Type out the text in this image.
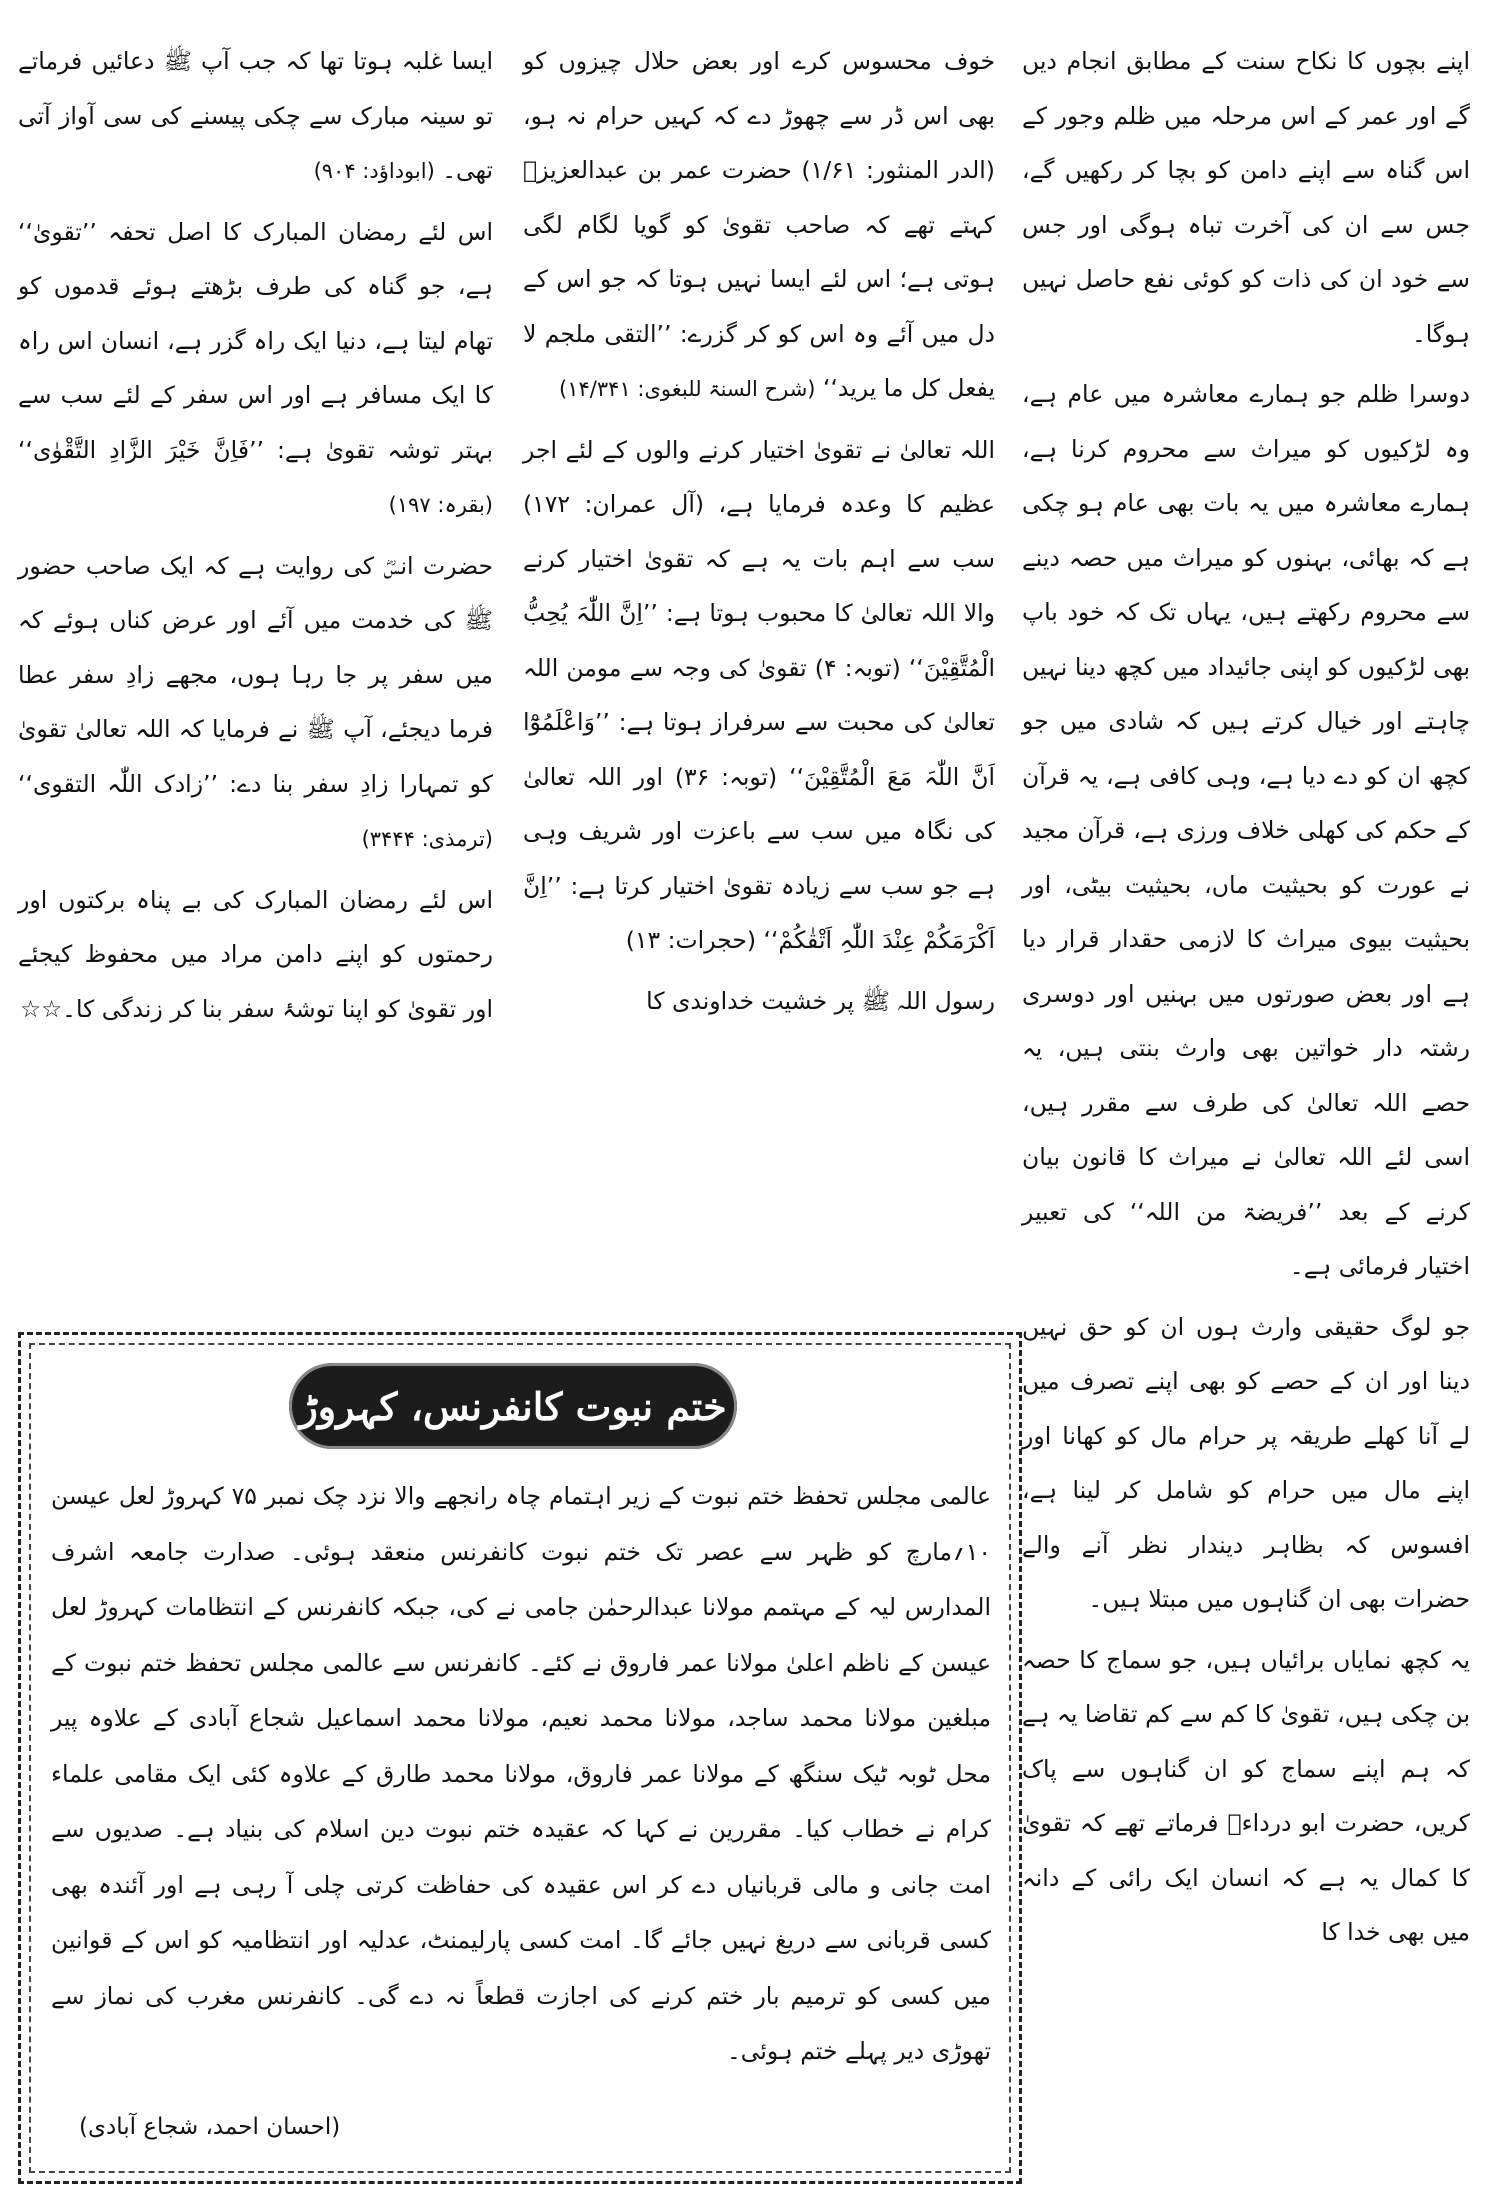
اپنے بچوں کا نکاح سنت کے مطابق انجام دیں گے اور عمر کے اس مرحلہ میں ظلم وجور کے اس گناہ سے اپنے دامن کو بچا کر رکھیں گے، جس سے ان کی آخرت تباہ ہوگی اور جس سے خود ان کی ذات کو کوئی نفع حاصل نہیں ہوگا۔

دوسرا ظلم جو ہمارے معاشرہ میں عام ہے، وہ لڑکیوں کو میراث سے محروم کرنا ہے، ہمارے معاشرہ میں یہ بات بھی عام ہو چکی ہے کہ بھائی، بہنوں کو میراث میں حصہ دینے سے محروم رکھتے ہیں، یہاں تک کہ خود باپ بھی لڑکیوں کو اپنی جائیداد میں کچھ دینا نہیں چاہتے اور خیال کرتے ہیں کہ شادی میں جو کچھ ان کو دے دیا ہے، وہی کافی ہے، یہ قرآن کے حکم کی کھلی خلاف ورزی ہے، قرآن مجید نے عورت کو بحیثیت ماں، بحیثیت بیٹی، اور بحیثیت بیوی میراث کا لازمی حقدار قرار دیا ہے اور بعض صورتوں میں بہنیں اور دوسری رشتہ دار خواتین بھی وارث بنتی ہیں، یہ حصے اللہ تعالیٰ کی طرف سے مقرر ہیں، اسی لئے اللہ تعالیٰ نے میراث کا قانون بیان کرنے کے بعد ’’فریضۃ من اللہ‘‘ کی تعبیر اختیار فرمائی ہے۔

جو لوگ حقیقی وارث ہوں ان کو حق نہیں دینا اور ان کے حصے کو بھی اپنے تصرف میں لے آنا کھلے طریقہ پر حرام مال کو کھانا اور اپنے مال میں حرام کو شامل کر لینا ہے، افسوس کہ بظاہر دیندار نظر آنے والے حضرات بھی ان گناہوں میں مبتلا ہیں۔

یہ کچھ نمایاں برائیاں ہیں، جو سماج کا حصہ بن چکی ہیں، تقویٰ کا کم سے کم تقاضا یہ ہے کہ ہم اپنے سماج کو ان گناہوں سے پاک کریں، حضرت ابو درداءؓ فرماتے تھے کہ تقویٰ کا کمال یہ ہے کہ انسان ایک رائی کے دانہ میں بھی خدا کا

خوف محسوس کرے اور بعض حلال چیزوں کو بھی اس ڈر سے چھوڑ دے کہ کہیں حرام نہ ہو، (الدر المنثور: ۱/۶۱) حضرت عمر بن عبدالعزیزؒ کہتے تھے کہ صاحب تقویٰ کو گویا لگام لگی ہوتی ہے؛ اس لئے ایسا نہیں ہوتا کہ جو اس کے دل میں آئے وہ اس کو کر گزرے: ’’التقی ملجم لا یفعل کل ما یرید‘‘ (شرح السنۃ للبغوی: ۱۴/۳۴۱)

اللہ تعالیٰ نے تقویٰ اختیار کرنے والوں کے لئے اجر عظیم کا وعدہ فرمایا ہے، (آل عمران: ۱۷۲) سب سے اہم بات یہ ہے کہ تقویٰ اختیار کرنے والا اللہ تعالیٰ کا محبوب ہوتا ہے: ’’اِنَّ اللّٰہَ یُحِبُّ الْمُتَّقِیْنَ‘‘ (توبہ: ۴) تقویٰ کی وجہ سے مومن اللہ تعالیٰ کی محبت سے سرفراز ہوتا ہے: ’’وَاعْلَمُوْٓا اَنَّ اللّٰہَ مَعَ الْمُتَّقِیْنَ‘‘ (توبہ: ۳۶) اور اللہ تعالیٰ کی نگاہ میں سب سے باعزت اور شریف وہی ہے جو سب سے زیادہ تقویٰ اختیار کرتا ہے: ’’اِنَّ اَکْرَمَکُمْ عِنْدَ اللّٰہِ اَتْقٰکُمْ‘‘ (حجرات: ۱۳)

رسول اللہ ﷺ پر خشیت خداوندی کا

ایسا غلبہ ہوتا تھا کہ جب آپ ﷺ دعائیں فرماتے تو سینہ مبارک سے چکی پیسنے کی سی آواز آتی تھی۔ (ابوداؤد: ۹۰۴)

اس لئے رمضان المبارک کا اصل تحفہ ’’تقویٰ‘‘ ہے، جو گناہ کی طرف بڑھتے ہوئے قدموں کو تھام لیتا ہے، دنیا ایک راہ گزر ہے، انسان اس راہ کا ایک مسافر ہے اور اس سفر کے لئے سب سے بہتر توشہ تقویٰ ہے: ’’فَاِنَّ خَیْرَ الزَّادِ التَّقْوٰی‘‘ (بقرہ: ۱۹۷)

حضرت انسؓ کی روایت ہے کہ ایک صاحب حضور ﷺ کی خدمت میں آئے اور عرض کناں ہوئے کہ میں سفر پر جا رہا ہوں، مجھے زادِ سفر عطا فرما دیجئے، آپ ﷺ نے فرمایا کہ اللہ تعالیٰ تقویٰ کو تمہارا زادِ سفر بنا دے: ’’زادک اللّٰہ التقوی‘‘ (ترمذی: ۳۴۴۴)

اس لئے رمضان المبارک کی بے پناہ برکتوں اور رحمتوں کو اپنے دامن مراد میں محفوظ کیجئے اور تقویٰ کو اپنا توشۂ سفر بنا کر زندگی کا۔☆☆

ختم نبوت کانفرنس، کہروڑ

عالمی مجلس تحفظ ختم نبوت کے زیر اہتمام چاہ رانجھے والا نزد چک نمبر ۷۵ کہروڑ لعل عیسن ۱۰؍مارچ کو ظہر سے عصر تک ختم نبوت کانفرنس منعقد ہوئی۔ صدارت جامعہ اشرف المدارس لیہ کے مہتمم مولانا عبدالرحمٰن جامی نے کی، جبکہ کانفرنس کے انتظامات کہروڑ لعل عیسن کے ناظم اعلیٰ مولانا عمر فاروق نے کئے۔ کانفرنس سے عالمی مجلس تحفظ ختم نبوت کے مبلغین مولانا محمد ساجد، مولانا محمد نعیم، مولانا محمد اسماعیل شجاع آبادی کے علاوہ پیر محل ٹوبہ ٹیک سنگھ کے مولانا عمر فاروق، مولانا محمد طارق کے علاوہ کئی ایک مقامی علماء کرام نے خطاب کیا۔ مقررین نے کہا کہ عقیدہ ختم نبوت دین اسلام کی بنیاد ہے۔ صدیوں سے امت جانی و مالی قربانیاں دے کر اس عقیدہ کی حفاظت کرتی چلی آ رہی ہے اور آئندہ بھی کسی قربانی سے دریغ نہیں جائے گا۔ امت کسی پارلیمنٹ، عدلیہ اور انتظامیہ کو اس کے قوانین میں کسی کو ترمیم بار ختم کرنے کی اجازت قطعاً نہ دے گی۔ کانفرنس مغرب کی نماز سے تھوڑی دیر پہلے ختم ہوئی۔

(احسان احمد، شجاع آبادی)
